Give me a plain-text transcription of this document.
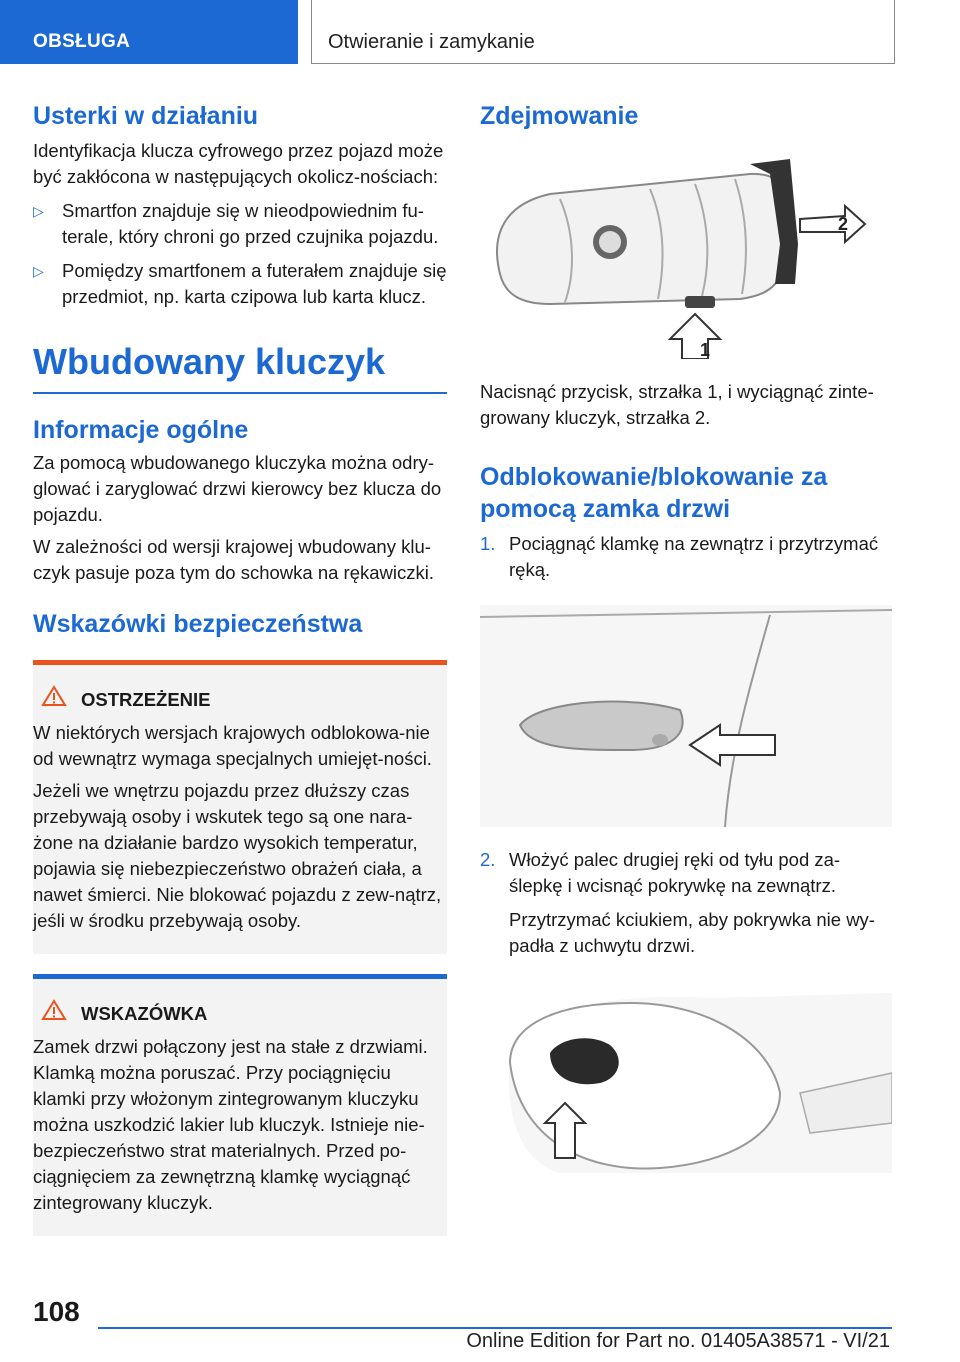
OBSŁUGA	Otwieranie i zamykanie
Usterki w działaniu

Identyfikacja klucza cyfrowego przez pojazd może być zakłócona w następujących okolicz-nościach:

▷ Smartfon znajduje się w nieodpowiednim fu-terale, który chroni go przed czujnika pojazdu.
▷ Pomiędzy smartfonem a futerałem znajduje się przedmiot, np. karta czipowa lub karta klucz.
Wbudowany kluczyk
Informacje ogólne

Za pomocą wbudowanego kluczyka można odry-glować i zaryglować drzwi kierowcy bez klucza do pojazdu.

W zależności od wersji krajowej wbudowany klu-czyk pasuje poza tym do schowka na rękawiczki.

Wskazówki bezpieczeństwa
OSTRZEŻENIE

W niektórych wersjach krajowych odblokowa-nie od wewnątrz wymaga specjalnych umiejęt-ności.

Jeżeli we wnętrzu pojazdu przez dłuższy czas przebywają osoby i wskutek tego są one nara-żone na działanie bardzo wysokich temperatur, pojawia się niebezpieczeństwo obrażeń ciała, a nawet śmierci. Nie blokować pojazdu z zew-nątrz, jeśli w środku przebywają osoby.

WSKAZÓWKA

Zamek drzwi połączony jest na stałe z drzwiami. Klamką można poruszać. Przy pociągnięciu klamki przy włożonym zintegrowanym kluczyku można uszkodzić lakier lub kluczyk. Istnieje nie-bezpieczeństwo strat materialnych. Przed po-ciągnięciem za zewnętrzną klamkę wyciągnąć zintegrowany kluczyk.

Zdejmowanie
2
1

Nacisnąć przycisk, strzałka 1, i wyciągnąć zinte-growany kluczyk, strzałka 2.

Odblokowanie/blokowanie za pomocą zamka drzwi
1. Pociągnąć klamkę na zewnątrz i przytrzymać ręką.
2. Włożyć palec drugiej ręki od tyłu pod za-ślepkę i wcisnąć pokrywkę na zewnątrz.

Przytrzymać kciukiem, aby pokrywka nie wy-padła z uchwytu drzwi.

108
Online Edition for Part no. 01405A38571 - VI/21
